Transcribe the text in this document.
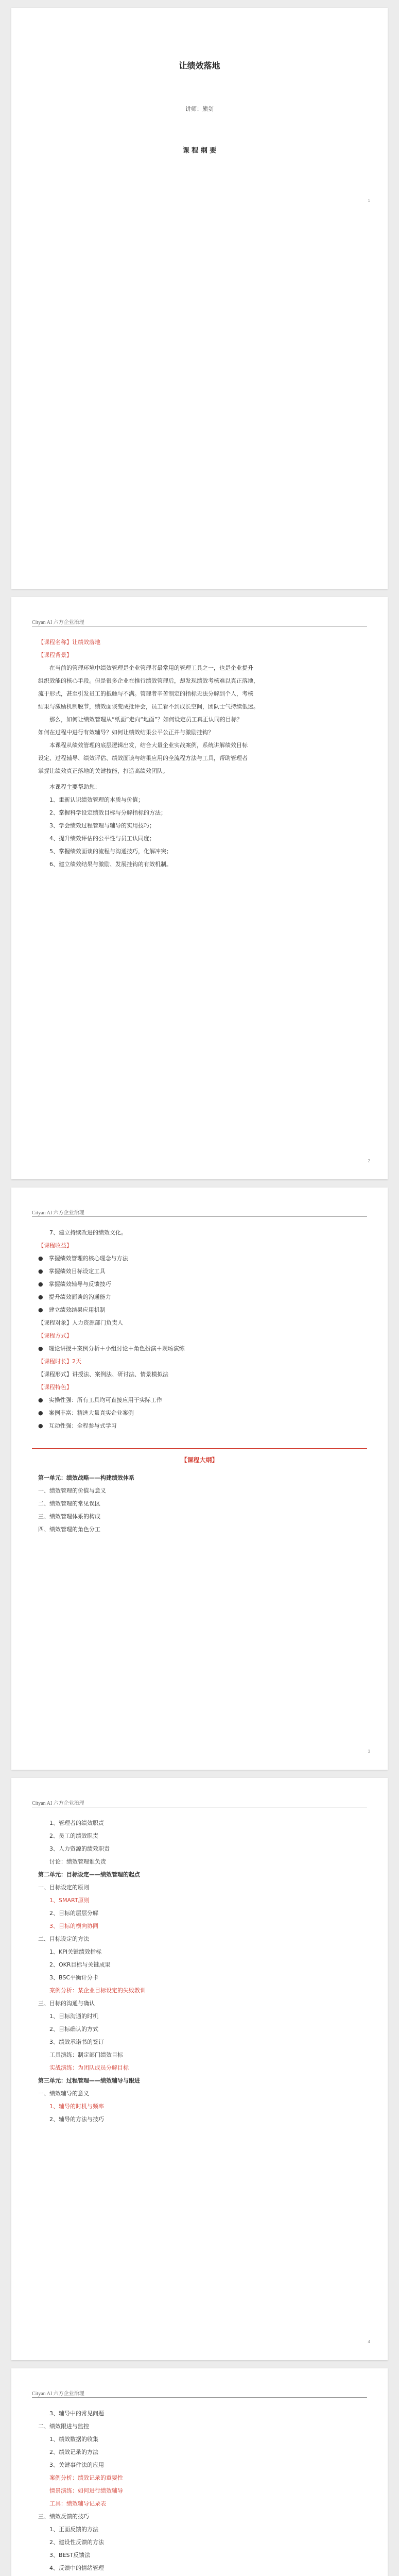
让绩效落地
讲师：熊剑
课 程 纲 要
1
Cityan AI 六方企业治理
【课程名称】让绩效落地
【课程背景】
　　在当前的管理环境中绩效管理是企业管理者最常用的管理工具之一，也是企业提升
组织效能的核心手段。但是很多企业在推行绩效管理后，却发现绩效考核难以真正落地，
流于形式，甚至引发员工的抵触与不满。管理者辛苦制定的指标无法分解到个人，考核
结果与激励机制脱节，绩效面谈变成批评会，员工看不到成长空间，团队士气持续低迷。
　　那么，如何让绩效管理从“纸面”走向“地面”？如何设定员工真正认同的目标？
如何在过程中进行有效辅导？如何让绩效结果公平公正并与激励挂钩？
　　本课程从绩效管理的底层逻辑出发，结合大量企业实战案例，系统讲解绩效目标
设定、过程辅导、绩效评估、绩效面谈与结果应用的全流程方法与工具，帮助管理者
掌握让绩效真正落地的关键技能，打造高绩效团队。
　　本课程主要帮助您：
　　1、重新认识绩效管理的本质与价值；
　　2、掌握科学设定绩效目标与分解指标的方法；
　　3、学会绩效过程管理与辅导的实用技巧；
　　4、提升绩效评估的公平性与员工认同度；
　　5、掌握绩效面谈的流程与沟通技巧，化解冲突；
　　6、建立绩效结果与激励、发展挂钩的有效机制。
2
Cityan AI 六方企业治理
　　7、建立持续改进的绩效文化。
【课程收益】
●　掌握绩效管理的核心理念与方法
●　掌握绩效目标设定工具
●　掌握绩效辅导与反馈技巧
●　提升绩效面谈的沟通能力
●　建立绩效结果应用机制
【课程对象】人力资源部门负责人
【课程方式】
●　理论讲授＋案例分析＋小组讨论＋角色扮演＋现场演练
【课程时长】2天
【课程形式】讲授法、案例法、研讨法、情景模拟法
【课程特色】
●　实操性强：所有工具均可直接应用于实际工作
●　案例丰富：精选大量真实企业案例
●　互动性强：全程参与式学习
【课程大纲】
第一单元：绩效战略——构建绩效体系
一、绩效管理的价值与意义
二、绩效管理的常见误区
三、绩效管理体系的构成
四、绩效管理的角色分工
3
Cityan AI 六方企业治理
　　1、管理者的绩效职责
　　2、员工的绩效职责
　　3、人力资源的绩效职责
　　讨论：绩效管理谁负责
第二单元：目标设定——绩效管理的起点
一、目标设定的原则
　　1、SMART原则
　　2、目标的层层分解
　　3、目标的横向协同
二、目标设定的方法
　　1、KPI关键绩效指标
　　2、OKR目标与关键成果
　　3、BSC平衡计分卡
　　案例分析：某企业目标设定的失败教训
三、目标的沟通与确认
　　1、目标沟通的时机
　　2、目标确认的方式
　　3、绩效承诺书的签订
　　工具演练：制定部门绩效目标
　　实战演练：为团队成员分解目标
第三单元：过程管理——绩效辅导与跟进
一、绩效辅导的意义
　　1、辅导的时机与频率
　　2、辅导的方法与技巧
4
Cityan AI 六方企业治理
　　3、辅导中的常见问题
二、绩效跟进与监控
　　1、绩效数据的收集
　　2、绩效记录的方法
　　3、关键事件法的应用
　　案例分析：绩效记录的重要性
　　情景演练：如何进行绩效辅导
　　工具：绩效辅导记录表
三、绩效反馈的技巧
　　1、正面反馈的方法
　　2、建设性反馈的方法
　　3、BEST反馈法
　　4、反馈中的情绪管理
